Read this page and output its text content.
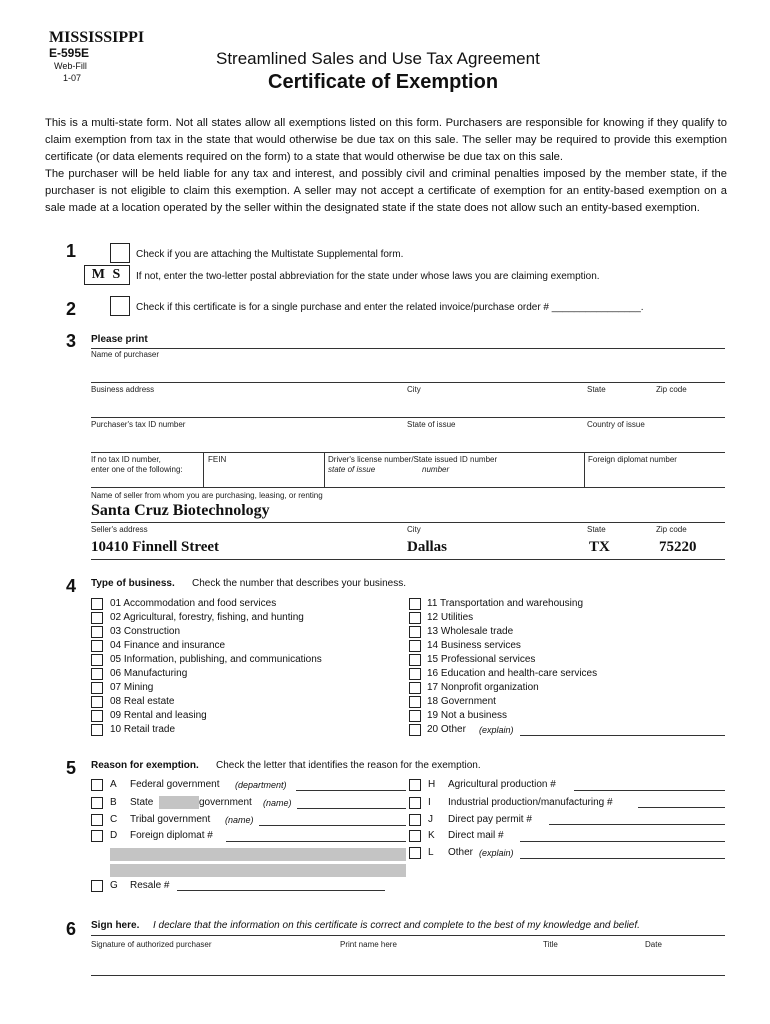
MISSISSIPPI
E-595E
Web-Fill
1-07
Streamlined Sales and Use Tax Agreement
Certificate of Exemption

This is a multi-state form. Not all states allow all exemptions listed on this form. Purchasers are responsible for knowing if they qualify to claim exemption from tax in the state that would otherwise be due tax on this sale. The seller may be required to provide this exemption certificate (or data elements required on the form) to a state that would otherwise be due tax on this sale.

The purchaser will be held liable for any tax and interest, and possibly civil and criminal penalties imposed by the member state, if the purchaser is not eligible to claim this exemption. A seller may not accept a certificate of exemption for an entity-based exemption on a sale made at a location operated by the seller within the designated state if the state does not allow such an entity-based exemption.

1	Check if you are attaching the Multistate Supplemental form.
M S	If not, enter the two-letter postal abbreviation for the state under whose laws you are claiming exemption.
2	Check if this certificate is for a single purchase and enter the related invoice/purchase order # ________________.
3 Please print
Name of purchaser
Business address	City	State	Zip code
Purchaser's tax ID number	State of issue	Country of issue
If no tax ID number,
enter one of the following:
FEIN	Driver's license number/State issued ID number
state of issue	number
Foreign diplomat number
Name of seller from whom you are purchasing, leasing, or renting
Santa Cruz Biotechnology
Seller's address	City	State	Zip code
10410 Finnell Street	Dallas	TX	75220
4 Type of business. Check the number that describes your business.
01 Accommodation and food services
02 Agricultural, forestry, fishing, and hunting
03 Construction
04 Finance and insurance
05 Information, publishing, and communications
06 Manufacturing
07 Mining
08 Real estate
09 Rental and leasing
10 Retail trade
11 Transportation and warehousing
12 Utilities
13 Wholesale trade
14 Business services
15 Professional services
16 Education and health-care services
17 Nonprofit organization
18 Government
19 Not a business
20 Other (explain)
5 Reason for exemption. Check the letter that identifies the reason for the exemption.
A Federal government (department)
B State	government (name)
C Tribal government (name)
D Foreign diplomat #
G Resale #
H Agricultural production #
I Industrial production/manufacturing #
J Direct pay permit #
K Direct mail #
L Other (explain)
6 Sign here. I declare that the information on this certificate is correct and complete to the best of my knowledge and belief.
Signature of authorized purchaser	Print name here	Title	Date
